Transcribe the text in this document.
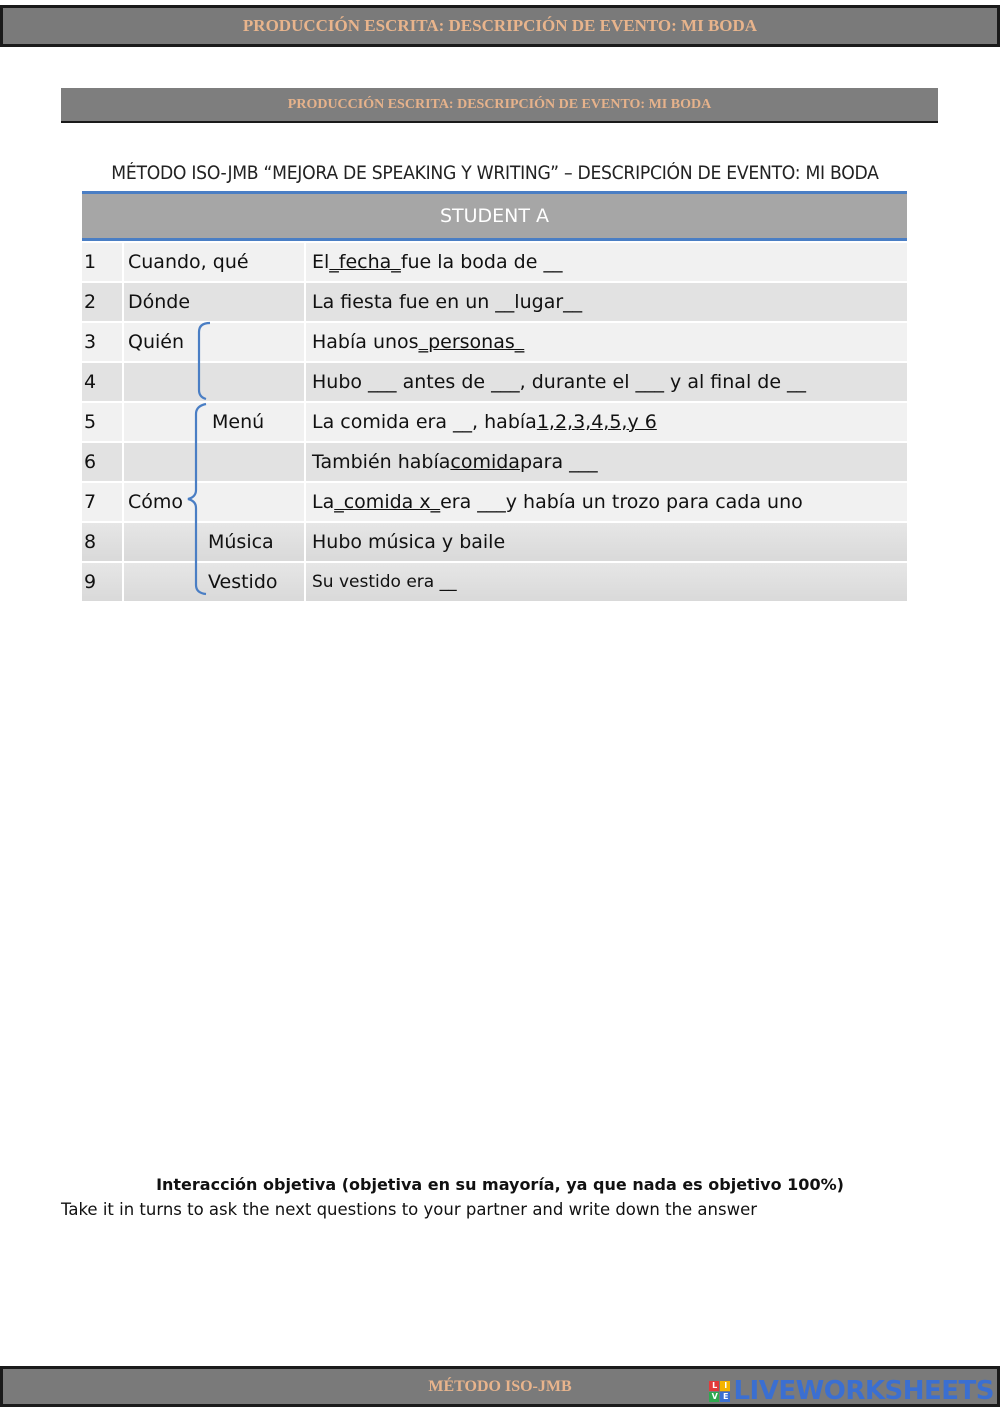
PRODUCCIÓN ESCRITA: DESCRIPCIÓN DE EVENTO: MI BODA
PRODUCCIÓN ESCRITA: DESCRIPCIÓN DE EVENTO: MI BODA
MÉTODO ISO-JMB “MEJORA DE SPEAKING Y WRITING” – DESCRIPCIÓN DE EVENTO: MI BODA
STUDENT A
1	Cuando, qué	El _fecha_ fue la boda de __
2	Dónde	La fiesta fue en un __lugar__
3	Quién	Había unos _personas_
4	Hubo ___ antes de ___, durante el ___ y al final de __
5	Menú	La comida era __, había 1,2,3,4,5,y 6
6	También había comida para ___
7	Cómo	La _comida x_ era ___y había un trozo para cada uno
8	Música	Hubo música y baile
9	Vestido	Su vestido era __
Interacción objetiva (objetiva en su mayoría, ya que nada es objetivo 100%)
Take it in turns to ask the next questions to your partner and write down the answer
MÉTODO ISO-JMB	L I
V E LIVEWORKSHEETS
